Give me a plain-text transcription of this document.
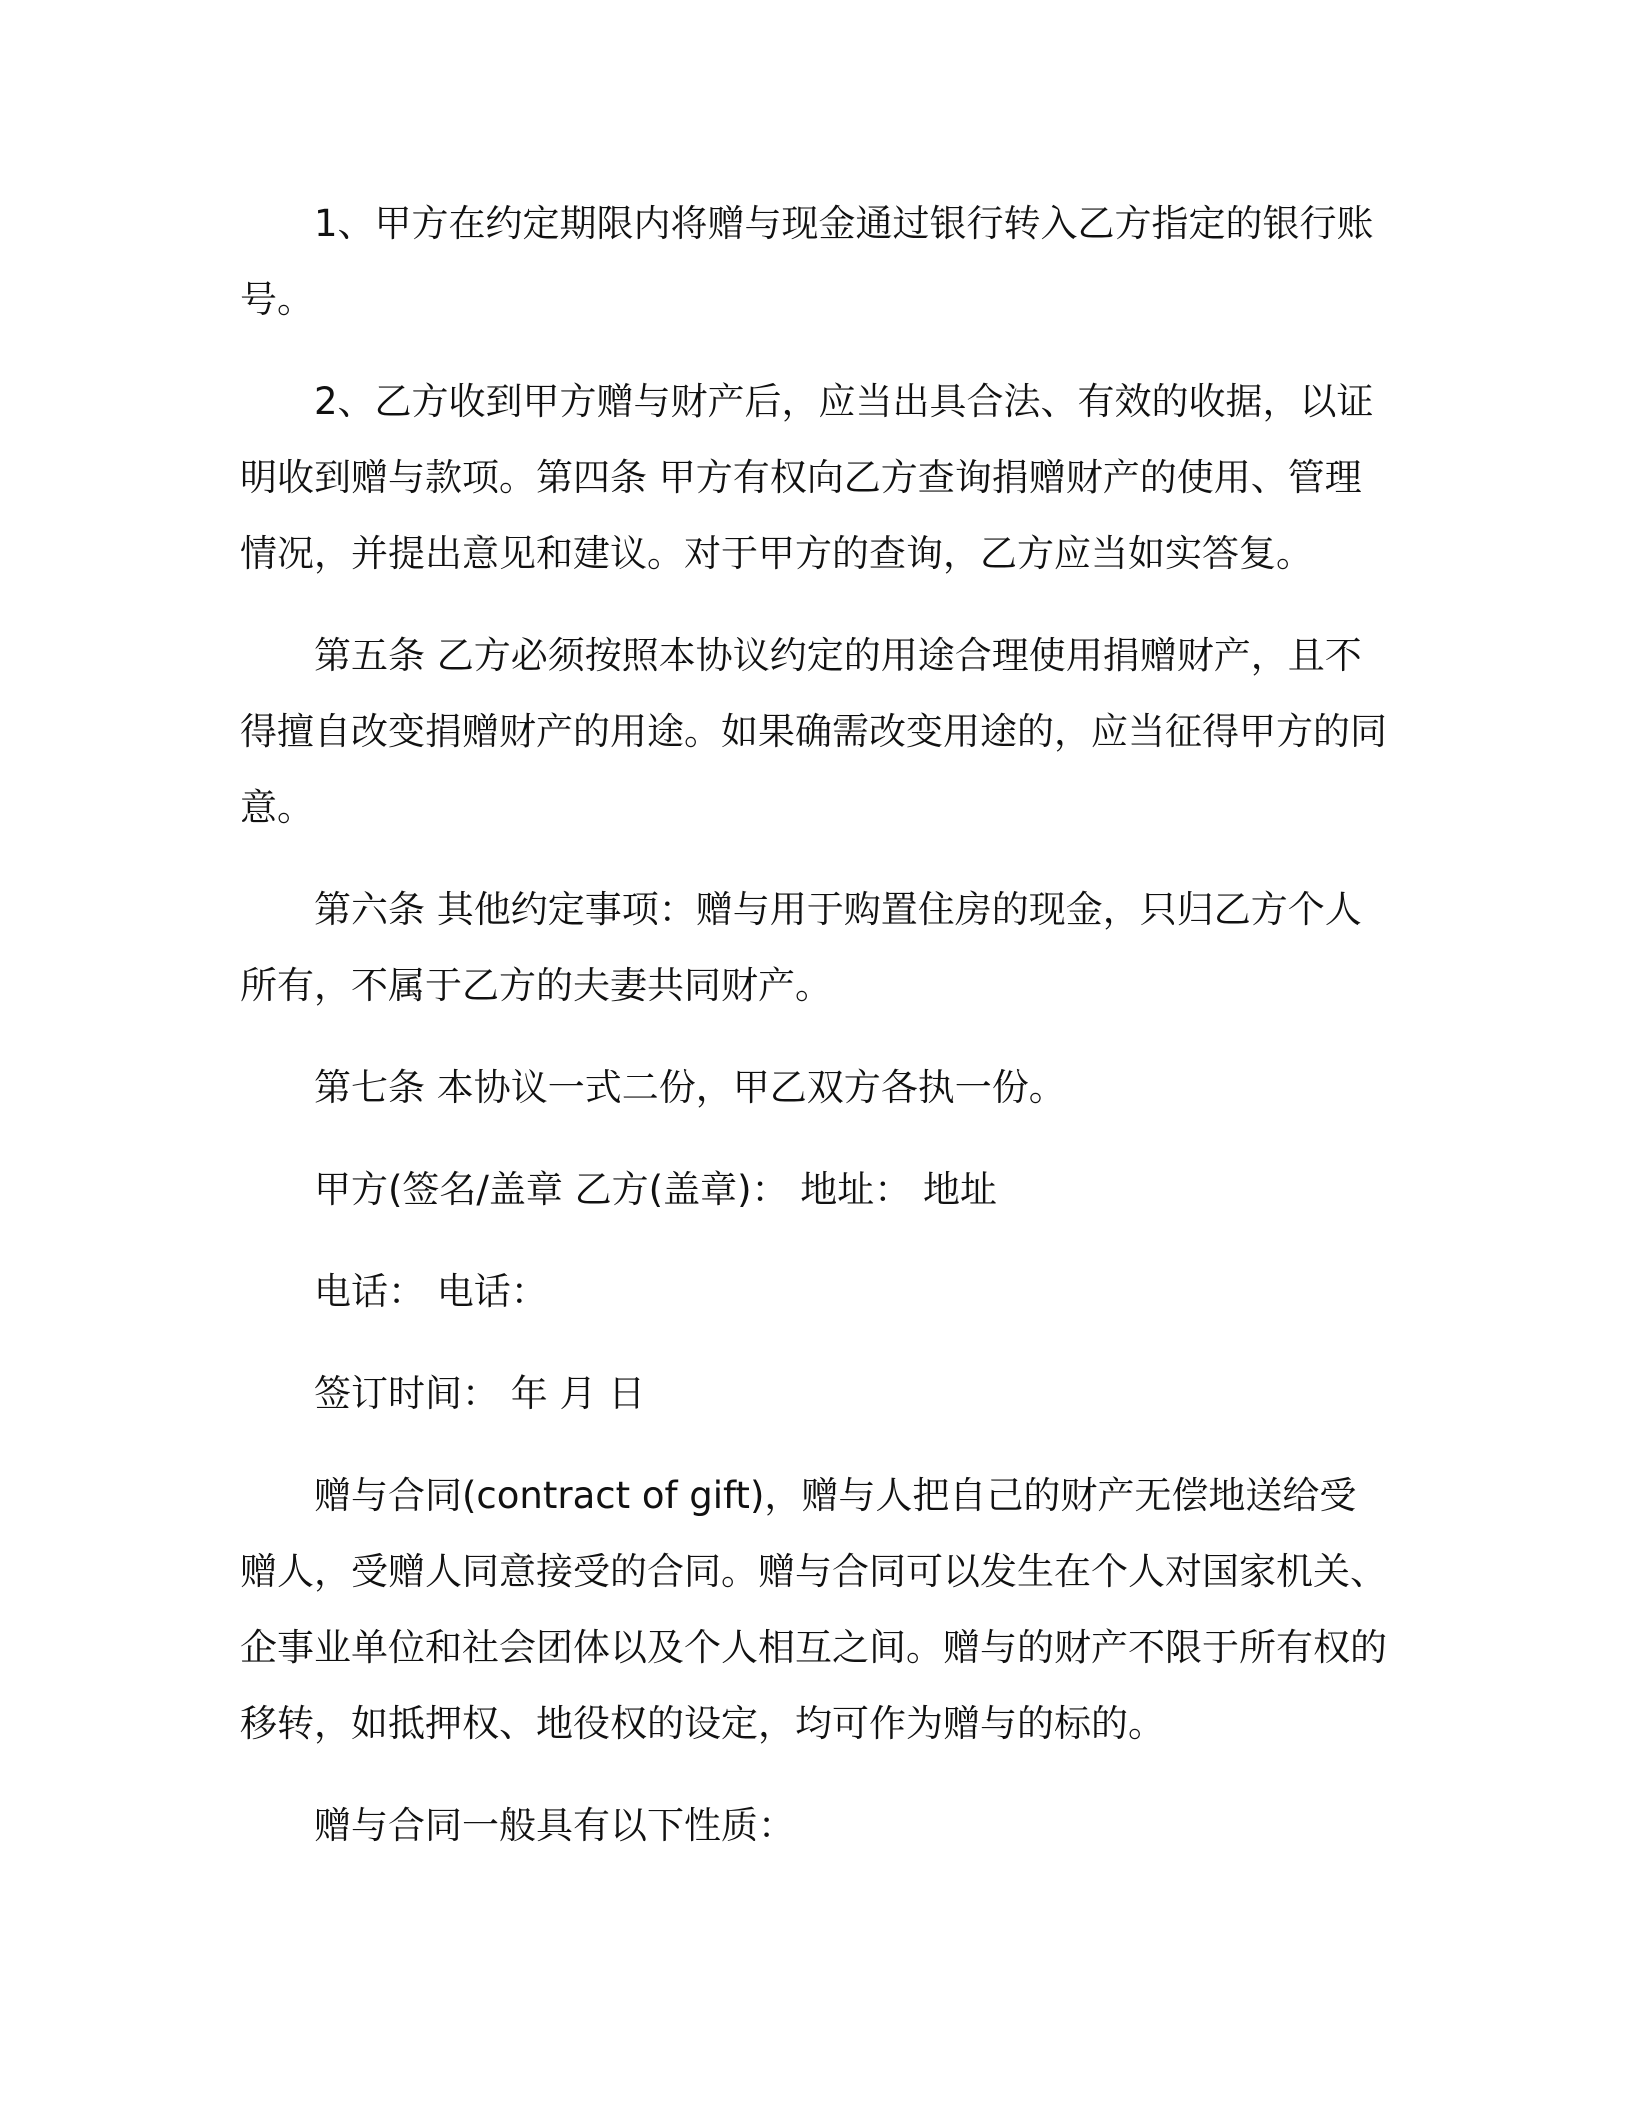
1、甲方在约定期限内将赠与现金通过银行转入乙方指定的银行账号。

2、乙方收到甲方赠与财产后，应当出具合法、有效的收据，以证明收到赠与款项。第四条 甲方有权向乙方查询捐赠财产的使用、管理情况，并提出意见和建议。对于甲方的查询，乙方应当如实答复。

第五条 乙方必须按照本协议约定的用途合理使用捐赠财产，且不得擅自改变捐赠财产的用途。如果确需改变用途的，应当征得甲方的同意。

第六条 其他约定事项：赠与用于购置住房的现金，只归乙方个人所有，不属于乙方的夫妻共同财产。

第七条 本协议一式二份，甲乙双方各执一份。

甲方(签名/盖章 乙方(盖章)： 地址： 地址

电话： 电话：

签订时间： 年 月 日

赠与合同(contract of gift)，赠与人把自己的财产无偿地送给受赠人，受赠人同意接受的合同。赠与合同可以发生在个人对国家机关、企事业单位和社会团体以及个人相互之间。赠与的财产不限于所有权的移转，如抵押权、地役权的设定，均可作为赠与的标的。

赠与合同一般具有以下性质：
